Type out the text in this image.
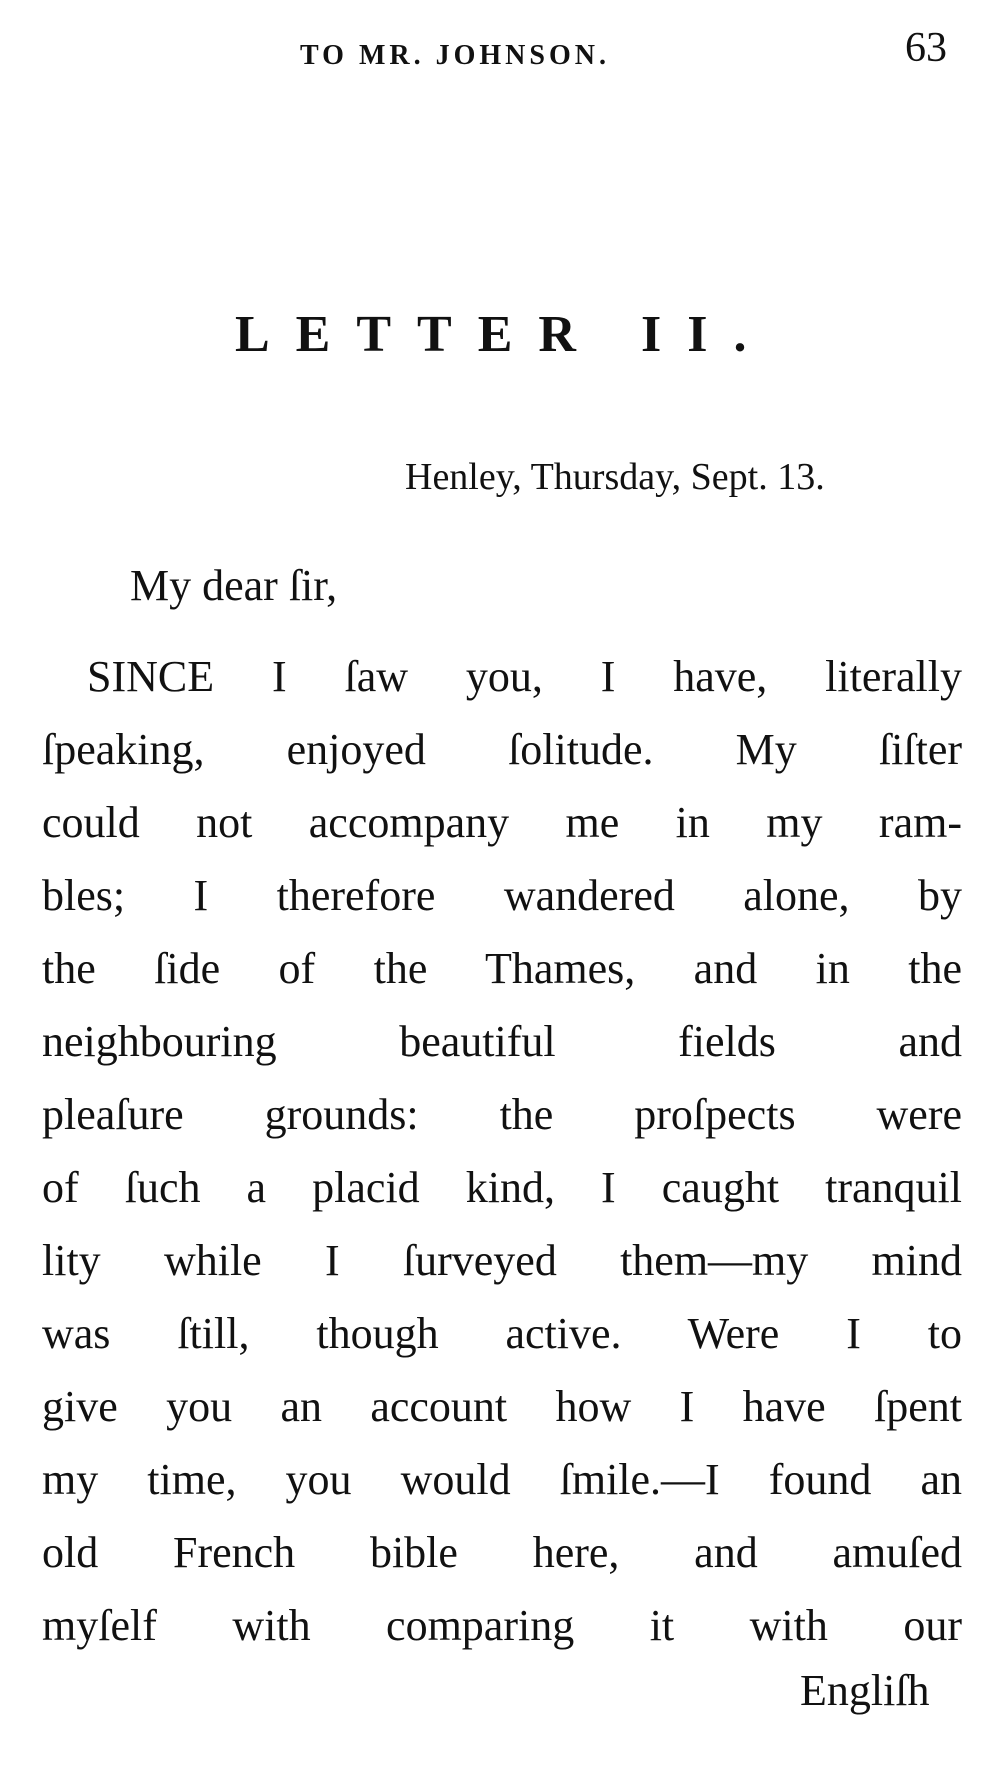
TO MR. JOHNSON.	63
LETTER II.
Henley, Thursday, Sept. 13.
My dear ſir,
SINCE I ſaw you, I have, literally
ſpeaking, enjoyed ſolitude. My ſiſter
could not accompany me in my ram-
bles; I therefore wandered alone, by
the ſide of the Thames, and in the
neighbouring beautiful fields and
pleaſure grounds: the proſpects were
of ſuch a placid kind, I caught tranquil
lity while I ſurveyed them—my mind
was ſtill, though active. Were I to
give you an account how I have ſpent
my time, you would ſmile.—I found an
old French bible here, and amuſed
myſelf with comparing it with our
Engliſh
